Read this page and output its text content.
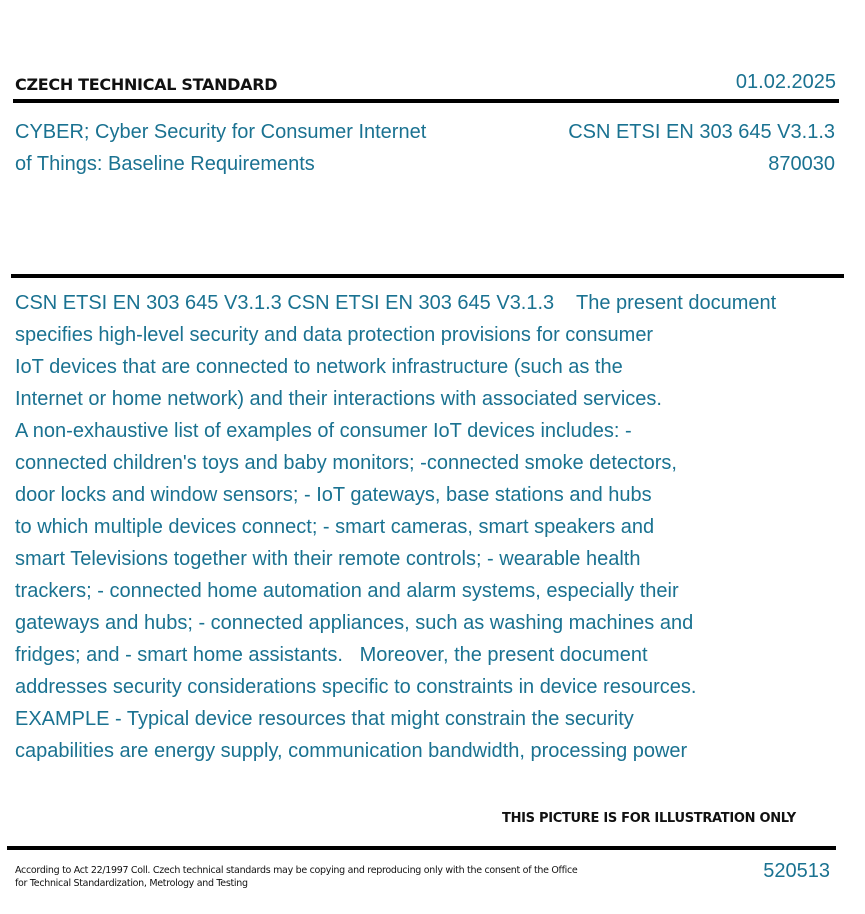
CZECH TECHNICAL STANDARD	01.02.2025
CYBER; Cyber Security for Consumer Internet
of Things: Baseline Requirements
CSN ETSI EN 303 645 V3.1.3
870030
CSN ETSI EN 303 645 V3.1.3 CSN ETSI EN 303 645 V3.1.3    The present document
specifies high-level security and data protection provisions for consumer
IoT devices that are connected to network infrastructure (such as the
Internet or home network) and their interactions with associated services.
A non-exhaustive list of examples of consumer IoT devices includes: -
connected children's toys and baby monitors; -connected smoke detectors,
door locks and window sensors; - IoT gateways, base stations and hubs
to which multiple devices connect; - smart cameras, smart speakers and
smart Televisions together with their remote controls; - wearable health
trackers; - connected home automation and alarm systems, especially their
gateways and hubs; - connected appliances, such as washing machines and
fridges; and - smart home assistants.   Moreover, the present document
addresses security considerations specific to constraints in device resources.
EXAMPLE - Typical device resources that might constrain the security
capabilities are energy supply, communication bandwidth, processing power
THIS PICTURE IS FOR ILLUSTRATION ONLY
According to Act 22/1997 Coll. Czech technical standards may be copying and reproducing only with the consent of the Office
for Technical Standardization, Metrology and Testing
520513
